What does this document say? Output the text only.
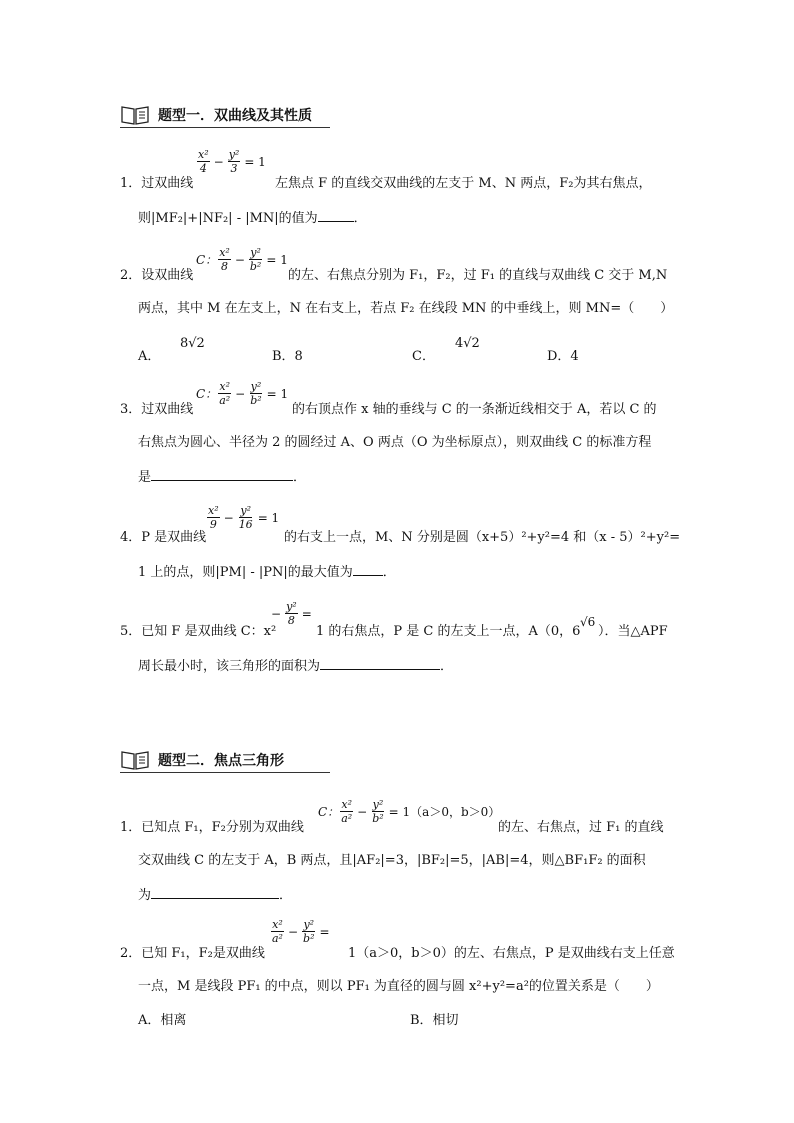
题型一．双曲线及其性质
$\frac{\text{x²}}{4} - \frac{\text{y²}}{3} = 1$
1．过双曲线	左焦点 F 的直线交双曲线的左支于 M、N 两点，F₂为其右焦点，
则|MF₂|+|NF₂| - |MN|的值为	．
C： $\frac{\text{x²}}{8} - \frac{\text{y²}}{\text{b²}} = 1$
2．设双曲线	的左、右焦点分别为 F₁，F₂，过 F₁ 的直线与双曲线 C 交于 M,N
两点，其中 M 在左支上，N 在右支上，若点 F₂ 在线段 MN 的中垂线上，则 MN=（　　）
A．
8√2
B．8	C．
4√2
D．4
C： $\frac{\text{x²}}{\text{a²}} - \frac{\text{y²}}{\text{b²}} = 1$
3．过双曲线	的右顶点作 x 轴的垂线与 C 的一条渐近线相交于 A，若以 C 的
右焦点为圆心、半径为 2 的圆经过 A、O 两点（O 为坐标原点），则双曲线 C 的标准方程
是	．
$\frac{\text{x²}}{9} - \frac{\text{y²}}{16} = 1$
4．P 是双曲线	的右支上一点，M、N 分别是圆（x+5）²+y²=4 和（x - 5）²+y²=
1 上的点，则|PM| - |PN|的最大值为 ．
− $\frac{\text{y²}}{8}$ =
5．已知 F 是双曲线 C：x²	1 的右焦点，P 是 C 的左支上一点，A（0，6
√6
）．当△APF
周长最小时，该三角形的面积为	．
题型二．焦点三角形
C： $\frac{\text{x²}}{\text{a²}} - \frac{\text{y²}}{\text{b²}} = 1(a>0$，b＞0）
1．已知点 F₁，F₂分别为双曲线	的左、右焦点，过 F₁ 的直线
交双曲线 C 的左支于 A，B 两点，且|AF₂|=3，|BF₂|=5，|AB|=4，则△BF₁F₂ 的面积
为	．
$\frac{\text{x²}}{\text{a²}} - \frac{\text{y²}}{\text{b²}}$ =
2．已知 F₁，F₂是双曲线	1（a＞0，b＞0）的左、右焦点，P 是双曲线右支上任意
一点，M 是线段 PF₁ 的中点，则以 PF₁ 为直径的圆与圆 x²+y²=a²的位置关系是（　　）
A．相离	B．相切
